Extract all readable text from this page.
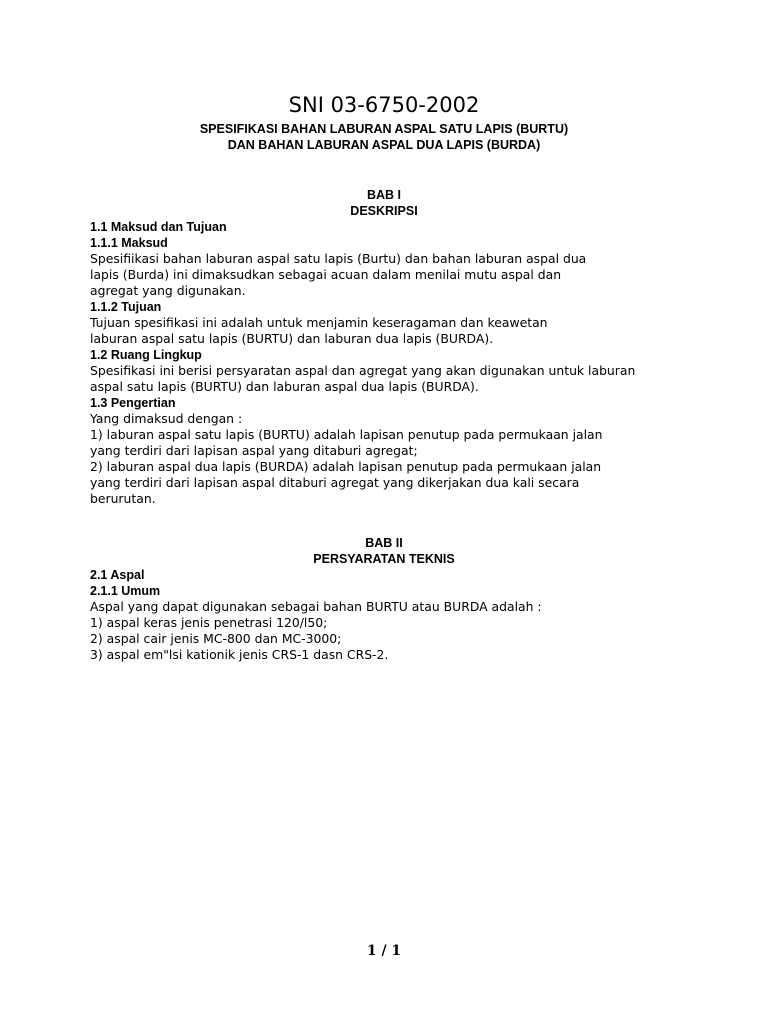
SNI 03-6750-2002
SPESIFIKASI BAHAN LABURAN ASPAL SATU LAPIS (BURTU)
DAN BAHAN LABURAN ASPAL DUA LAPIS (BURDA)
BAB I
DESKRIPSI
1.1 Maksud dan Tujuan
1.1.1 Maksud
Spesifiikasi bahan laburan aspal satu lapis (Burtu) dan bahan laburan aspal dua
lapis (Burda) ini dimaksudkan sebagai acuan dalam menilai mutu aspal dan
agregat yang digunakan.
1.1.2 Tujuan
Tujuan spesifikasi ini adalah untuk menjamin keseragaman dan keawetan
laburan aspal satu lapis (BURTU) dan laburan dua lapis (BURDA).
1.2 Ruang Lingkup
Spesifikasi ini berisi persyaratan aspal dan agregat yang akan digunakan untuk laburan
aspal satu lapis (BURTU) dan laburan aspal dua lapis (BURDA).
1.3 Pengertian
Yang dimaksud dengan :
1) laburan aspal satu lapis (BURTU) adalah lapisan penutup pada permukaan jalan
yang terdiri dari lapisan aspal yang ditaburi agregat;
2) laburan aspal dua lapis (BURDA) adalah lapisan penutup pada permukaan jalan
yang terdiri dari lapisan aspal ditaburi agregat yang dikerjakan dua kali secara
berurutan.
BAB II
PERSYARATAN TEKNIS
2.1 Aspal
2.1.1 Umum
Aspal yang dapat digunakan sebagai bahan BURTU atau BURDA adalah :
1) aspal keras jenis penetrasi 120/l50;
2) aspal cair jenis MC-800 dan MC-3000;
3) aspal em"lsi kationik jenis CRS-1 dasn CRS-2.
1 / 1
